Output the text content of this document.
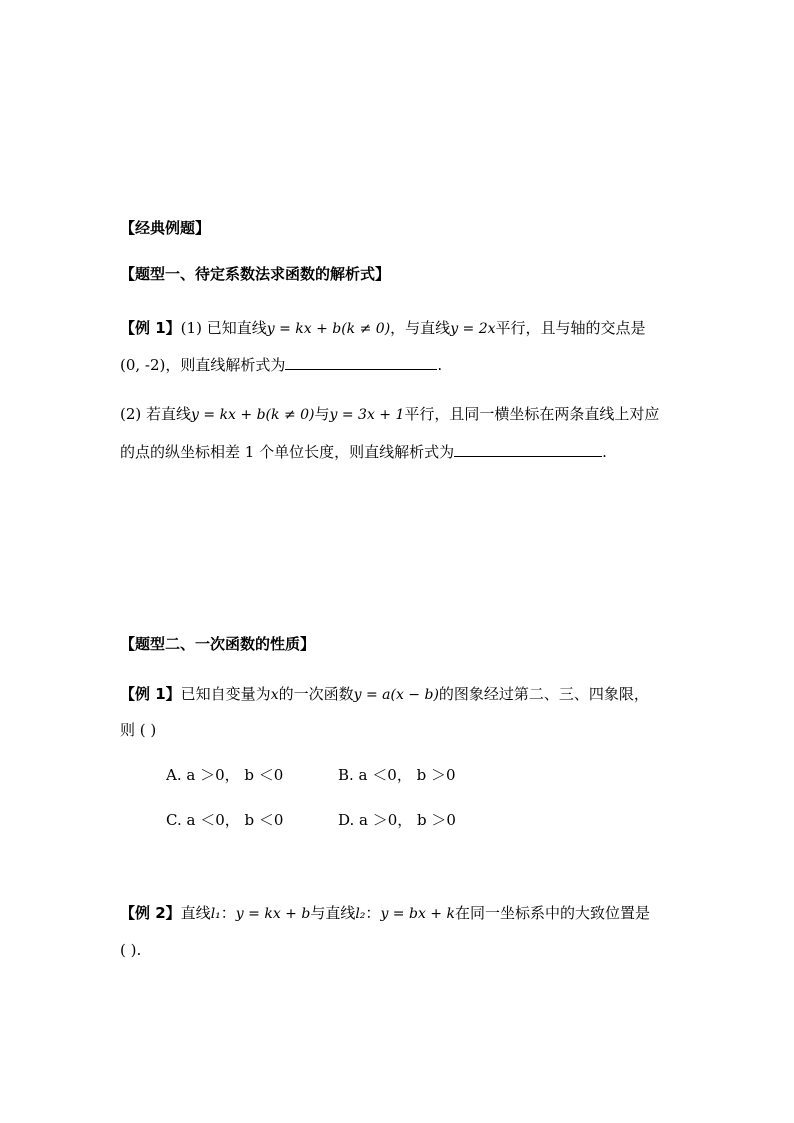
【经典例题】
【题型一、待定系数法求函数的解析式】
【例 1】(1) 已知直线y = kx + b(k ≠ 0)，与直线y = 2x平行，且与轴的交点是
(0, -2)，则直线解析式为	.
(2) 若直线y = kx + b(k ≠ 0)与y = 3x + 1平行，且同一横坐标在两条直线上对应
的点的纵坐标相差 1 个单位长度，则直线解析式为	.
【题型二、一次函数的性质】
【例 1】已知自变量为x的一次函数y = a(x − b)的图象经过第二、三、四象限，
则 ( )
A. a ＞0， b ＜0	B. a ＜0， b ＞0
C. a ＜0， b ＜0	D. a ＞0， b ＞0
【例 2】直线l₁：y = kx + b与直线l₂：y = bx + k在同一坐标系中的大致位置是
( ).
